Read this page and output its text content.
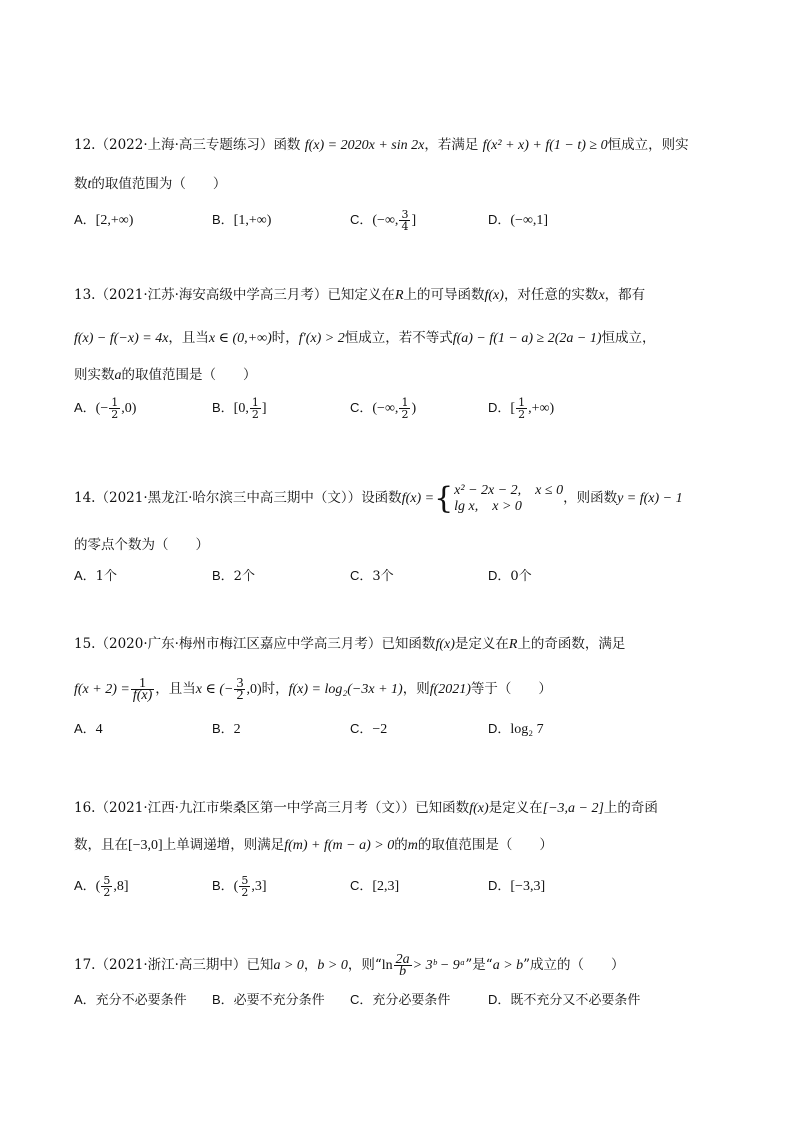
12.（2022·上海·高三专题练习）函数 f(x) = 2020x + sin 2x，若满足 f(x² + x) + f(1 − t) ≥ 0恒成立，则实
数t的取值范围为（　　）
A．[2,+∞)	B．[1,+∞)	C．(−∞, $\frac{3}{4}$ ]	D．(−∞,1]
13.（2021·江苏·海安高级中学高三月考）已知定义在R上的可导函数f(x)，对任意的实数x，都有
f(x) − f(−x) = 4x，且当x ∈ (0,+∞)时，f′(x) > 2恒成立，若不等式f(a) − f(1 − a) ≥ 2(2a − 1)恒成立，
则实数a的取值范围是（　　）
A．(− $\frac{1}{2} ,0$)	B．[0, $\frac{1}{2}$ ]	C．(−∞, $\frac{1}{2}$ )	D．[ $\frac{1}{2}$ ,+∞)
14.（2021·黑龙江·哈尔滨三中高三期中（文））设函数f(x) ={ x² − 2x − 2,　x ≤ 0
lg x,　x > 0	，则函数y = f(x) − 1
的零点个数为（　　）
A．1个	B．2个	C．3个	D．0个
15.（2020·广东·梅州市梅江区嘉应中学高三月考）已知函数f(x)是定义在R上的奇函数，满足
$f(x + 2) = \frac{1}{f(x)}$ ，且当x ∈ (− $\frac{3}{2} ,0$)时，f(x) = log₂(−3x + 1)，则f(2021)等于（　　）
A．4	B．2	C．−2	D．log₂ 7
16.（2021·江西·九江市柴桑区第一中学高三月考（文））已知函数f(x)是定义在[−3,a − 2]上的奇函
数，且在[−3,0]上单调递增，则满足f(m) + f(m − a) > 0的m的取值范围是（　　）
A．( $\frac{5}{2} ,8$]	B．( $\frac{5}{2} ,3$]	C．[2,3]	D．[−3,3]
17.（2021·浙江·高三期中）已知a > 0，b > 0，则“$\ln \frac{2a}{b}$ > 3ᵇ − 9ᵃ”是“a > b”成立的（　　）
A．充分不必要条件 B．必要不充分条件 C．充分必要条件	D．既不充分又不必要条件
